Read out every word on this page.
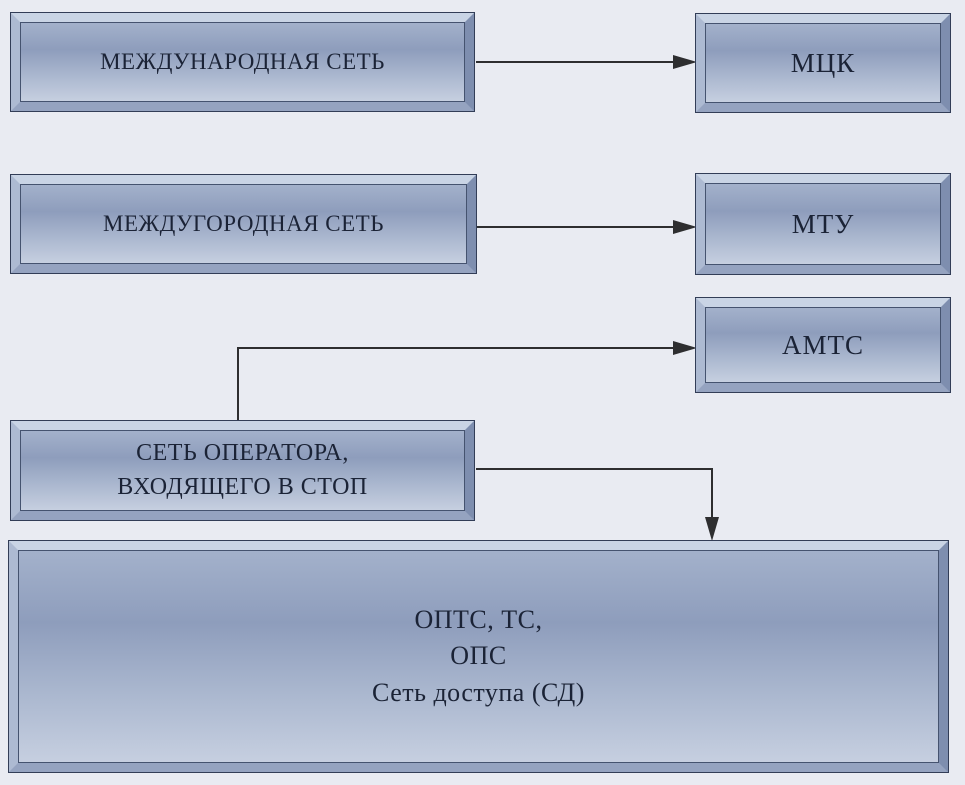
МЕЖДУНАРОДНАЯ СЕТЬ	МЦК
МЕЖДУГОРОДНАЯ СЕТЬ	МТУ
АМТС
СЕТЬ ОПЕРАТОРА,
ВХОДЯЩЕГО В СТОП
ОПТС, ТС,
ОПС
Сеть доступа (СД)
